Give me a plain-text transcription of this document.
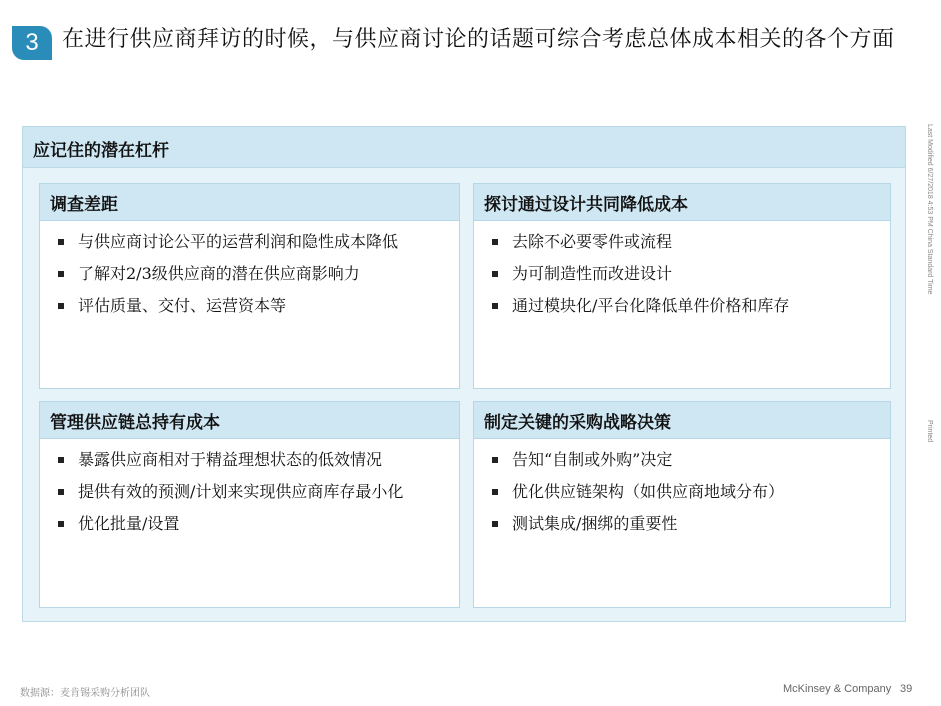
3	在进行供应商拜访的时候，与供应商讨论的话题可综合考虑总体成本相关的各个方面
Last Modified 6/27/2018 4:53 PM China Standard Time
Printed
应记住的潜在杠杆
调查差距
与供应商讨论公平的运营利润和隐性成本降低
了解对2/3级供应商的潜在供应商影响力
评估质量、交付、运营资本等
探讨通过设计共同降低成本
去除不必要零件或流程
为可制造性而改进设计
通过模块化/平台化降低单件价格和库存
管理供应链总持有成本
暴露供应商相对于精益理想状态的低效情况
提供有效的预测/计划来实现供应商库存最小化
优化批量/设置
制定关键的采购战略决策
告知“自制或外购”决定
优化供应链架构（如供应商地域分布）
测试集成/捆绑的重要性
数据源：麦肯锡采购分析团队	McKinsey & Company 39
